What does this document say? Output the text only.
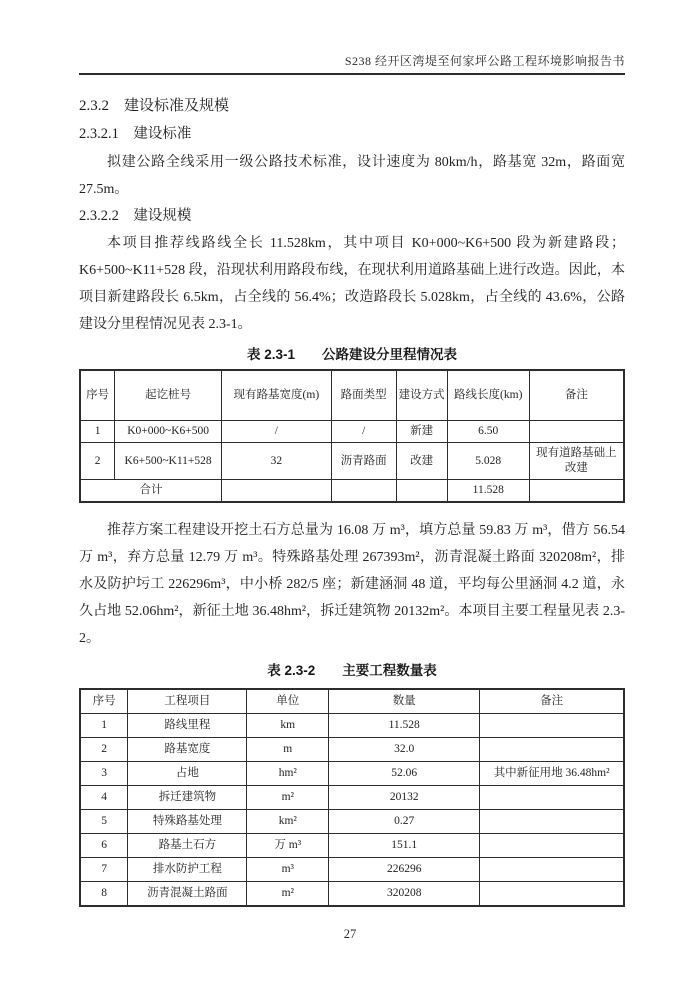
S238 经开区湾堤至何家坪公路工程环境影响报告书
2.3.2　建设标准及规模
2.3.2.1　建设标准

拟建公路全线采用一级公路技术标准，设计速度为 80km/h，路基宽 32m，路面宽 27.5m。

2.3.2.2　建设规模

本项目推荐线路线全长 11.528km，其中项目 K0+000~K6+500 段为新建路段；K6+500~K11+528 段，沿现状利用路段布线，在现状利用道路基础上进行改造。因此，本项目新建路段长 6.5km，占全线的 56.4%；改造路段长 5.028km，占全线的 43.6%，公路建设分里程情况见表 2.3-1。

表 2.3-1　　公路建设分里程情况表
序号	起讫桩号	现有路基宽度(m)	路面类型	建设方式	路线长度(km)	备注
1	K0+000~K6+500	/	/	新建	6.50	
2	K6+500~K11+528	32	沥青路面	改建	5.028	现有道路基础上改建
合计					11.528	

推荐方案工程建设开挖土石方总量为 16.08 万 m³，填方总量 59.83 万 m³，借方 56.54 万 m³，弃方总量 12.79 万 m³。特殊路基处理 267393m²，沥青混凝土路面 320208m²，排水及防护圬工 226296m³，中小桥 282/5 座；新建涵洞 48 道，平均每公里涵洞 4.2 道，永久占地 52.06hm²，新征土地 36.48hm²，拆迁建筑物 20132m²。本项目主要工程量见表 2.3-2。

表 2.3-2　　主要工程数量表
序号	工程项目	单位	数量	备注
1	路线里程	km	11.528	
2	路基宽度	m	32.0	
3	占地	hm²	52.06	其中新征用地 36.48hm²
4	拆迁建筑物	m²	20132	
5	特殊路基处理	km²	0.27	
6	路基土石方	万 m³	151.1	
7	排水防护工程	m³	226296	
8	沥青混凝土路面	m²	320208	
27
